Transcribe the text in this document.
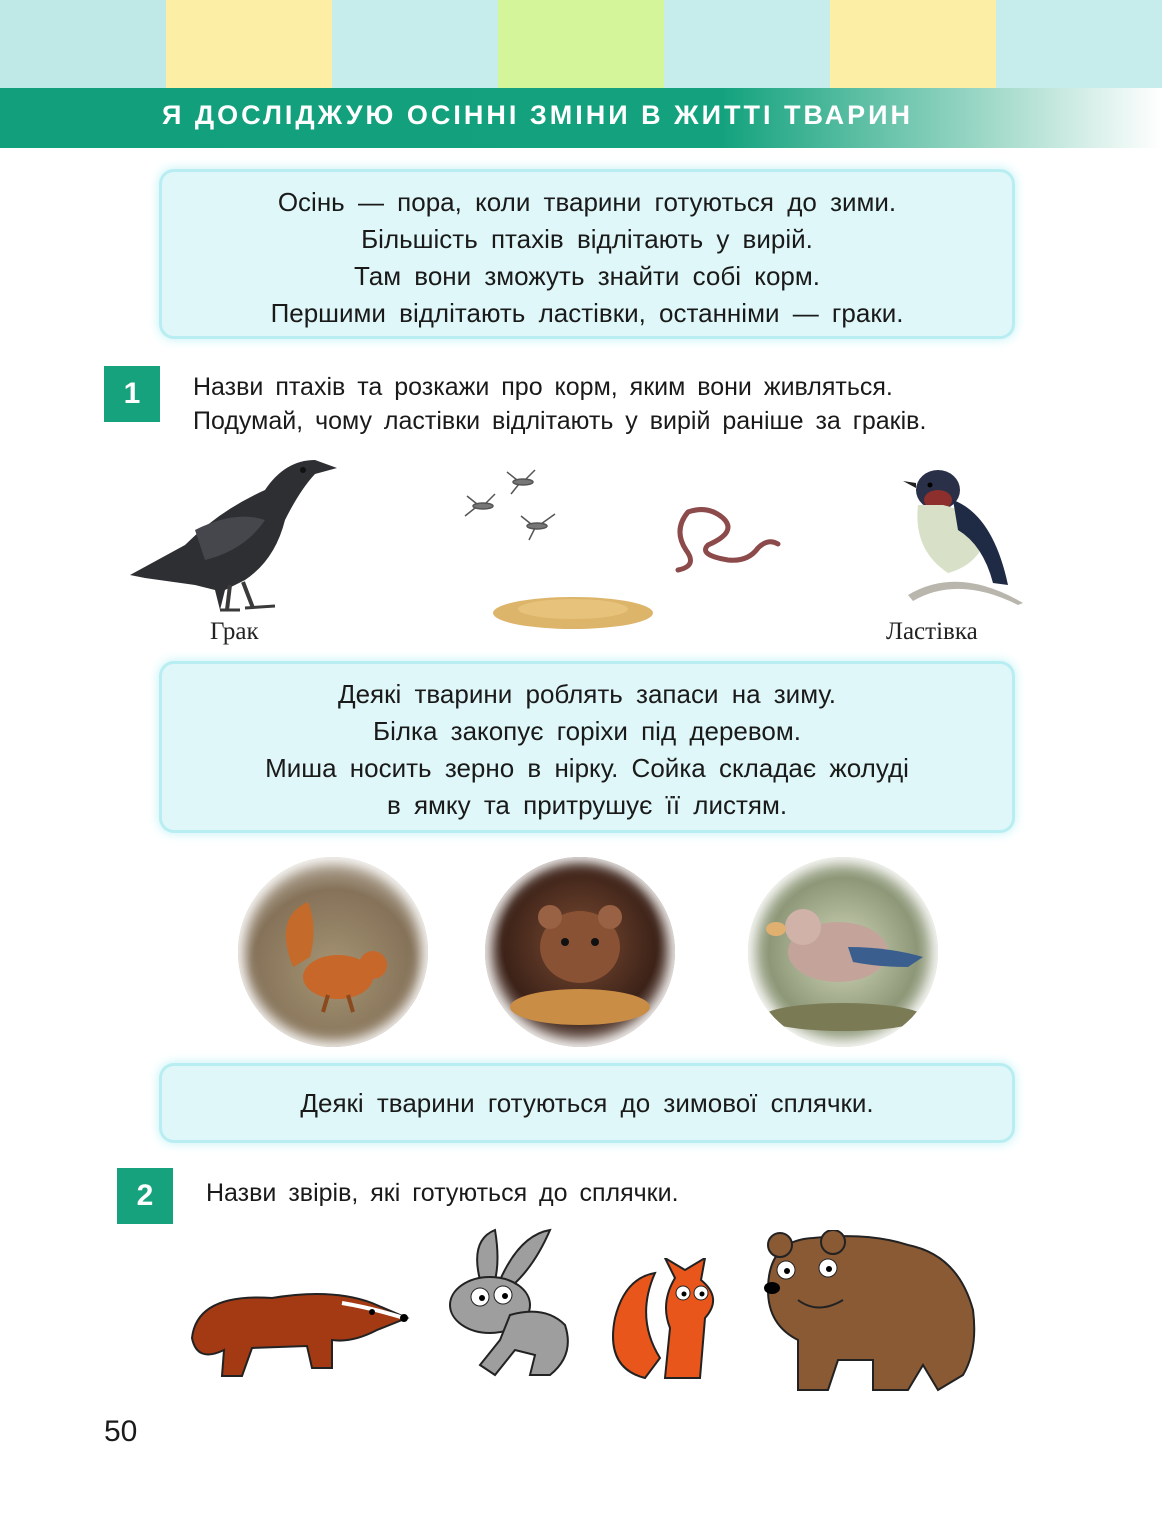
Я ДОСЛІДЖУЮ ОСІННІ ЗМІНИ В ЖИТТІ ТВАРИН

Осінь — пора, коли тварини готуються до зими.

Більшість птахів відлітають у вирій.

Там вони зможуть знайти собі корм.

Першими відлітають ластівки, останніми — граки.

1	Назви птахів та розкажи про корм, яким вони живляться.

Подумай, чому ластівки відлітають у вирій раніше за граків.

Грак	Ластівка

Деякі тварини роблять запаси на зиму.

Білка закопує горіхи під деревом.

Миша носить зерно в нірку. Сойка складає жолуді

в ямку та притрушує її листям.

Деякі тварини готуються до зимової сплячки.

2	Назви звірів, які готуються до сплячки.
50
